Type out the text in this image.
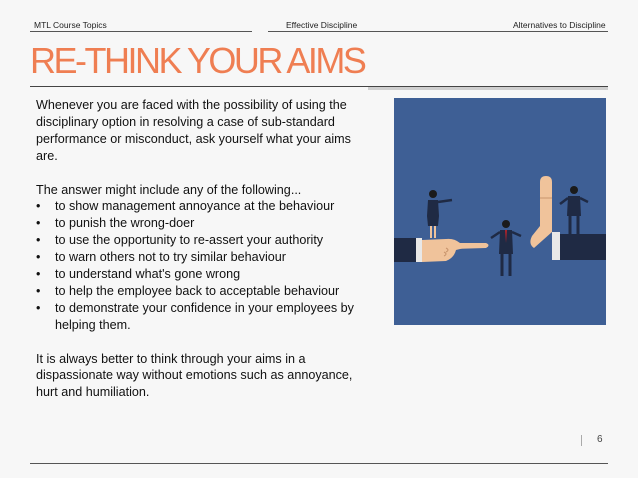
MTL Course Topics	Effective Discipline	Alternatives to Discipline
RE-THINK YOUR AIMS

Whenever you are faced with the possibility of using the disciplinary option in resolving a case of sub-standard performance or misconduct, ask yourself what your aims are.

The answer might include any of the following...

• to show management annoyance at the behaviour
• to punish the wrong-doer
• to use the opportunity to re-assert your authority
• to warn others not to try similar behaviour
• to understand what's gone wrong
• to help the employee back to acceptable behaviour
• to demonstrate your confidence in your employees by helping them.

It is always better to think through your aims in a dispassionate way without emotions such as annoyance, hurt and humiliation.

6
